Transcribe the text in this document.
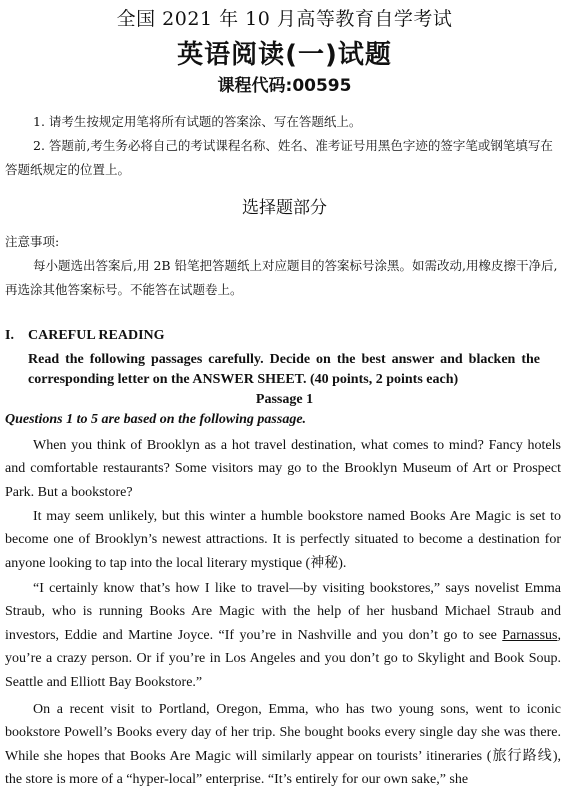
全国 2021 年 10 月高等教育自学考试
英语阅读(一)试题
课程代码:00595
1. 请考生按规定用笔将所有试题的答案涂、写在答题纸上。
2. 答题前,考生务必将自己的考试课程名称、姓名、准考证号用黑色字迹的签字笔或钢笔填写在答题纸规定的位置上。
选择题部分
注意事项:
每小题选出答案后,用 2B 铅笔把答题纸上对应题目的答案标号涂黑。如需改动,用橡皮擦干净后,再选涂其他答案标号。不能答在试题卷上。
I. CAREFUL READING
Read the following passages carefully. Decide on the best answer and blacken the corresponding letter on the ANSWER SHEET. (40 points, 2 points each)
Passage 1
Questions 1 to 5 are based on the following passage.
When you think of Brooklyn as a hot travel destination, what comes to mind? Fancy hotels and comfortable restaurants? Some visitors may go to the Brooklyn Museum of Art or Prospect Park. But a bookstore?
It may seem unlikely, but this winter a humble bookstore named Books Are Magic is set to become one of Brooklyn’s newest attractions. It is perfectly situated to become a destination for anyone looking to tap into the local literary mystique (神秘).
“I certainly know that’s how I like to travel—by visiting bookstores,” says novelist Emma Straub, who is running Books Are Magic with the help of her husband Michael Straub and investors, Eddie and Martine Joyce. “If you’re in Nashville and you don’t go to see Parnassus, you’re a crazy person. Or if you’re in Los Angeles and you don’t go to Skylight and Book Soup. Seattle and Elliott Bay Bookstore.”
On a recent visit to Portland, Oregon, Emma, who has two young sons, went to iconic bookstore Powell’s Books every day of her trip. She bought books every single day she was there. While she hopes that Books Are Magic will similarly appear on tourists’ itineraries (旅行路线), the store is more of a “hyper-local” enterprise. “It’s entirely for our own sake,” she
